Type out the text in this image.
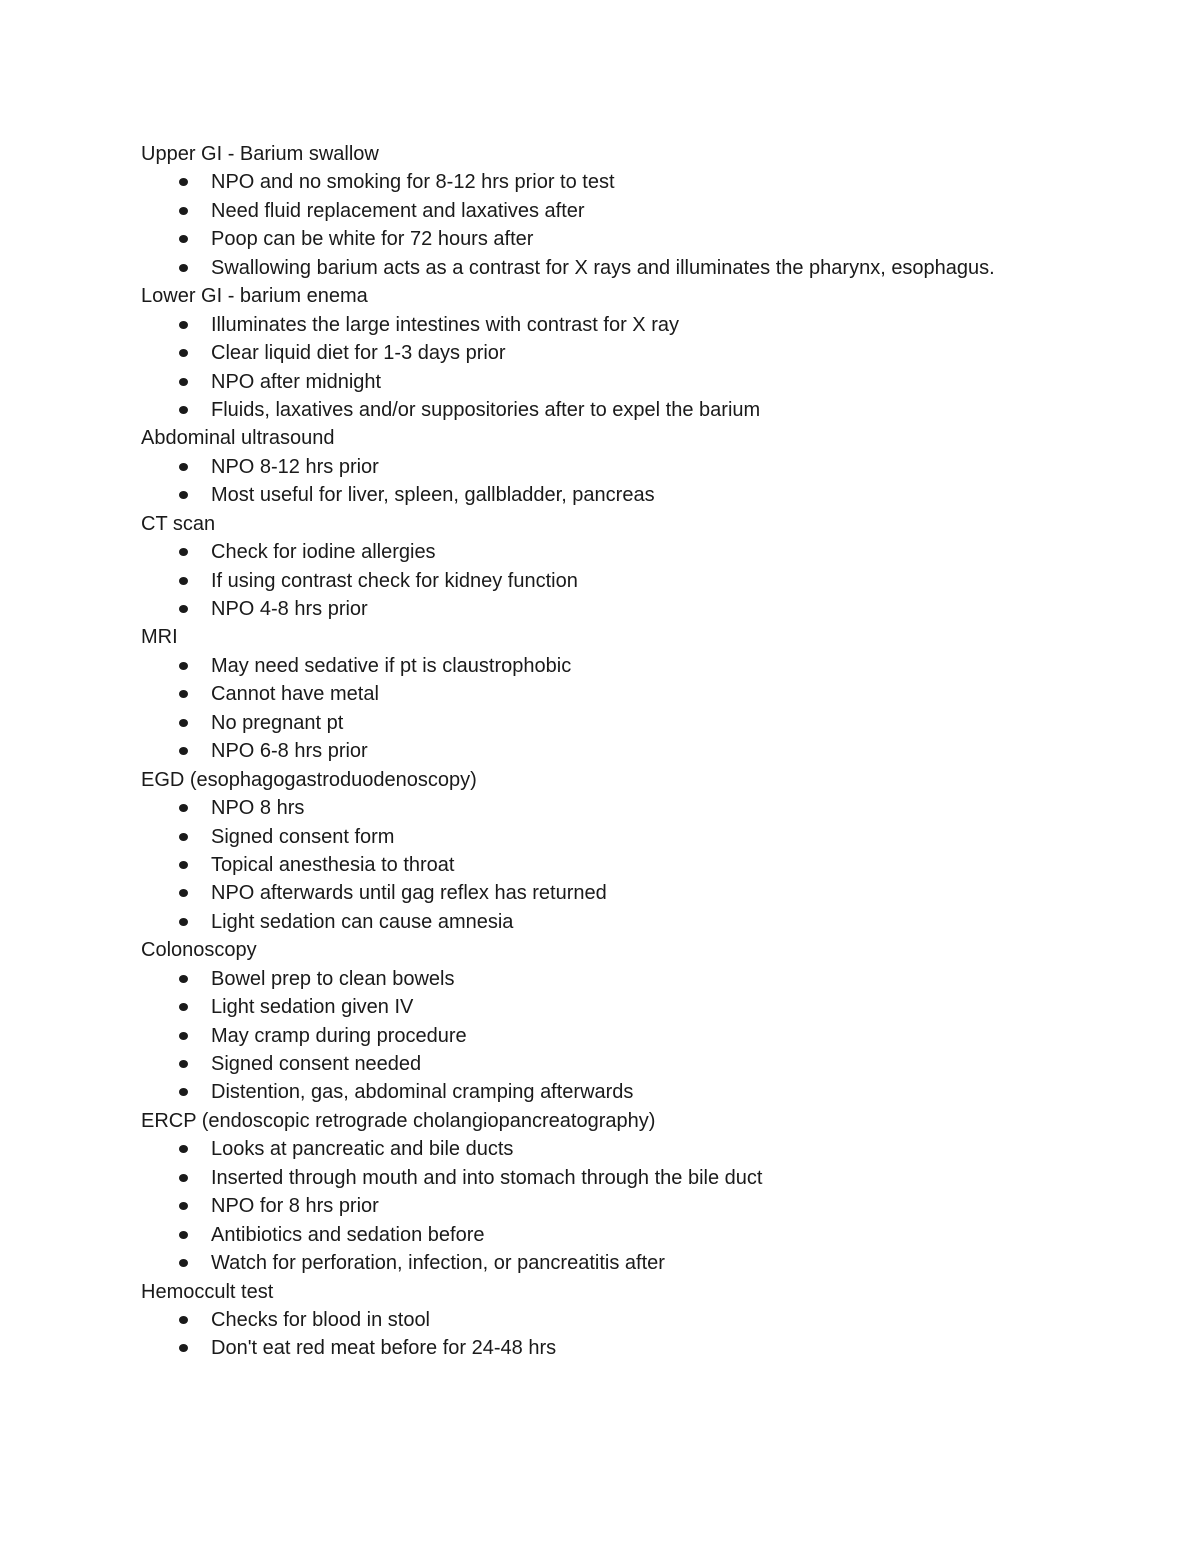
Upper GI - Barium swallow
NPO and no smoking for 8-12 hrs prior to test
Need fluid replacement and laxatives after
Poop can be white for 72 hours after
Swallowing barium acts as a contrast for X rays and illuminates the pharynx, esophagus.
Lower GI - barium enema
Illuminates the large intestines with contrast for X ray
Clear liquid diet for 1-3 days prior
NPO after midnight
Fluids, laxatives and/or suppositories after to expel the barium
Abdominal ultrasound
NPO 8-12 hrs prior
Most useful for liver, spleen, gallbladder, pancreas
CT scan
Check for iodine allergies
If using contrast check for kidney function
NPO 4-8 hrs prior
MRI
May need sedative if pt is claustrophobic
Cannot have metal
No pregnant pt
NPO 6-8 hrs prior
EGD (esophagogastroduodenoscopy)
NPO 8 hrs
Signed consent form
Topical anesthesia to throat
NPO afterwards until gag reflex has returned
Light sedation can cause amnesia
Colonoscopy
Bowel prep to clean bowels
Light sedation given IV
May cramp during procedure
Signed consent needed
Distention, gas, abdominal cramping afterwards
ERCP (endoscopic retrograde cholangiopancreatography)
Looks at pancreatic and bile ducts
Inserted through mouth and into stomach through the bile duct
NPO for 8 hrs prior
Antibiotics and sedation before
Watch for perforation, infection, or pancreatitis after
Hemoccult test
Checks for blood in stool
Don't eat red meat before for 24-48 hrs
